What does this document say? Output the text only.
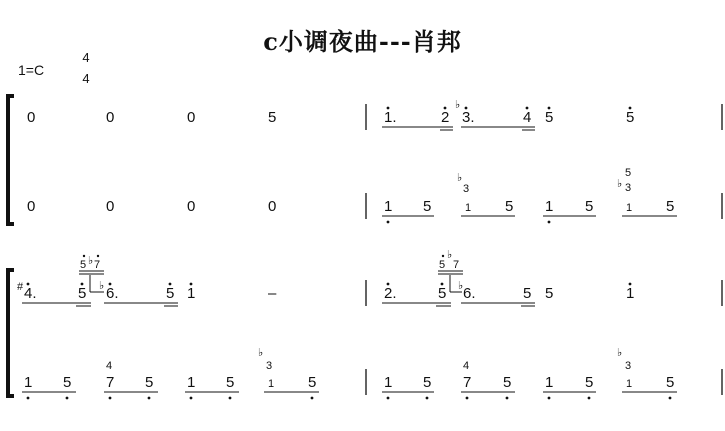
c小调夜曲---肖邦
1=C
4
4
0	0	0	5	1.	2
♭
3.	4 5	5
0	0	0	0	1 5	1 5 1 5	1 5
♭
3
5
♭ 3
# 4.	5
5 ♭ 7
♭ 6.	5 1	–	2.	5
5
♭
7
♭ 6.	5 5	1
1 5 7 5 1 5	1 5
4
♭
3
1 5 7 5 1 5	1 5
4
♭
3
